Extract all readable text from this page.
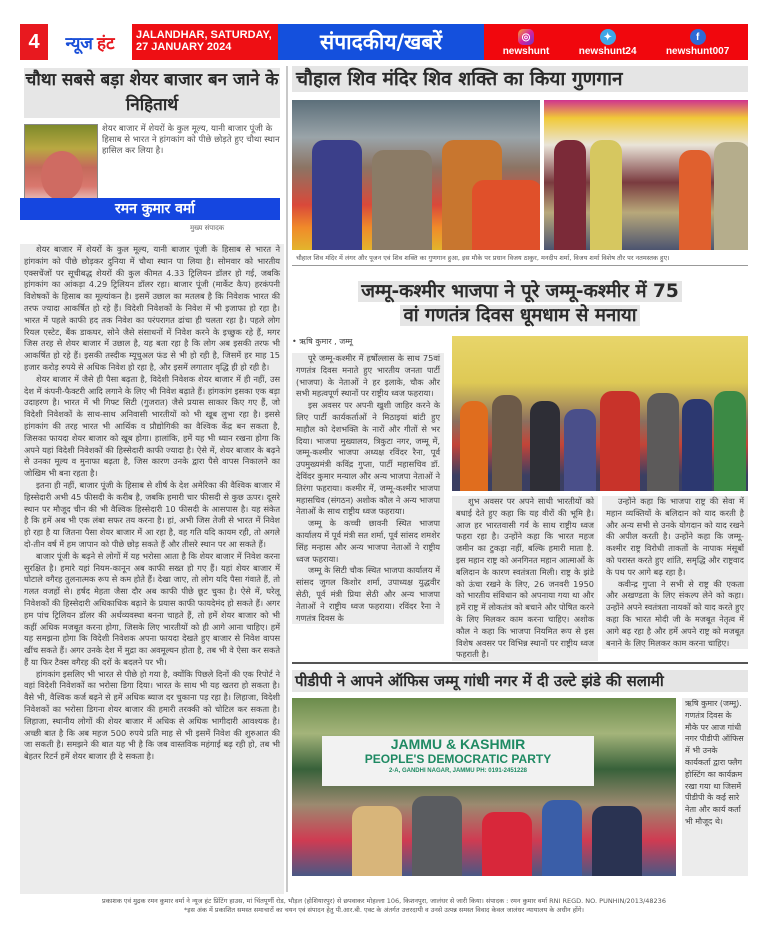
4	न्यूज हंट JALANDHAR, SATURDAY,
27 JANUARY 2024	संपादकीय/खबरें	◎
newshunt
✦
newshunt24
f
newshunt007
चौथा सबसे बड़ा शेयर बाजार बन जाने के निहितार्थ
शेयर बाजार में शेयरों के कुल मूल्य, यानी बाजार पूंजी के हिसाब से भारत ने हांगकांग को पीछे छोड़ते हुए चौथा स्थान हासिल कर लिया है।
रमन कुमार वर्मा
मुख्य संपादक

शेयर बाजार में शेयरों के कुल मूल्य, यानी बाजार पूंजी के हिसाब से भारत ने हांगकांग को पीछे छोड़कर दुनिया में चौथा स्थान पा लिया है। सोमवार को भारतीय एक्सचेंजों पर सूचीबद्ध शेयरों की कुल कीमत 4.33 ट्रिलियन डॉलर हो गई, जबकि हांगकांग का आंकड़ा 4.29 ट्रिलियन डॉलर रहा। बाजार पूंजी (मार्केट कैप) हरकंपनी विशेषकों के हिसाब का मूल्यांकन है। इसमें उछाल का मतलब है कि निवेशक भारत की तरफ ज्यादा आकर्षित हो रहे हैं। विदेशी निवेशकों के निवेश में भी इजाफा हो रहा है। भारत में पहले काफी हद तक निवेश का परंपरागत ढांचा ही चलता रहा है। पहले लोग रियल एस्टेट, बैंक डाकघर, सोने जैसे संसाधनों में निवेश करने के इच्छुक रहे हैं, मगर जिस तरह से शेयर बाजार में उछाल है, यह बता रहा है कि लोग अब इसकी तरफ भी आकर्षित हो रहे हैं। इसकी तस्दीक म्यूचुअल फंड से भी हो रही है, जिसमें हर माह 15 हजार करोड़ रुपये से अधिक निवेश हो रहा है, और इसमें लगातार वृद्धि ही हो रही है।

शेयर बाजार में जैसे ही पैसा बढ़ता है, विदेशी निवेशक शेयर बाजार में ही नहीं, उस देश में कंपनी-फैक्टरी आदि लगाने के लिए भी निवेश बढ़ाते हैं। हांगकांग इसका एक बड़ा उदाहरण है। भारत में भी गिफ्ट सिटी (गुजरात) जैसे प्रयास साकार किए गए हैं, जो विदेशी निवेशकों के साथ-साथ अनिवासी भारतीयों को भी खूब लुभा रहा है। इससे हांगकांग की तरह भारत भी आर्थिक व प्रौद्योगिकी का वैश्विक केंद्र बन सकता है, जिसका फायदा शेयर बाजार को खूब होगा। हालांकि, हमें यह भी ध्यान रखना होगा कि अपने यहां विदेशी निवेशकों की हिस्सेदारी काफी ज्यादा है। ऐसे में, शेयर बाजार के बढ़ने से उनका मूल्य व मुनाफा बढ़ता है, जिस कारण उनके द्वारा पैसे वापस निकालने का जोखिम भी बना रहता है।

इतना ही नहीं, बाजार पूंजी के हिसाब से शीर्ष के देश अमेरिका की वैश्विक बाजार में हिस्सेदारी अभी 45 फीसदी के करीब है, जबकि हमारी चार फीसदी से कुछ ऊपर। दूसरे स्थान पर मौजूद चीन की भी वैश्विक हिस्सेदारी 10 फीसदी के आसपास है। यह संकेत है कि हमें अब भी एक लंबा सफर तय करना है। हां, अभी जिस तेजी से भारत में निवेश हो रहा है या जितना पैसा शेयर बाजार में आ रहा है, वह गति यदि कायम रही, तो अगले दो-तीन वर्ष में हम जापान को पीछे छोड़ सकते हैं और तीसरे स्थान पर आ सकते हैं।

बाजार पूंजी के बढ़ने से लोगों में यह भरोसा आता है कि शेयर बाजार में निवेश करना सुरक्षित है। हमारे यहां नियम-कानून अब काफी सख्त हो गए हैं। यहां शेयर बाजार में घोटाले वगैरह तुलनात्मक रूप से कम होते हैं। देखा जाए, तो लोग यदि पैसा गंवाते हैं, तो गलत वजहों से। हर्षद मेहता जैसा दौर अब काफी पीछे छूट चुका है। ऐसे में, घरेलू निवेशकों की हिस्सेदारी अधिकाधिक बढ़ाने के प्रयास काफी फायदेमंद हो सकते हैं। अगर हम पांच ट्रिलियन डॉलर की अर्थव्यवस्था बनना चाहते हैं, तो हमें शेयर बाजार को भी कहीं अधिक मजबूत करना होगा, जिसके लिए भारतीयों को ही आगे आना चाहिए। हमें यह समझना होगा कि विदेशी निवेशक अपना फायदा देखते हुए बाजार से निवेश वापस खींच सकते हैं। अगर उनके देश में मुद्रा का अवमूल्यन होता है, तब भी वे ऐसा कर सकते हैं या फिर टैक्स वगैरह की दरों के बदलने पर भी।

हांगकांग इसलिए भी भारत से पीछे हो गया है, क्योंकि पिछले दिनों की एक रिपोर्ट ने वहां विदेशी निवेशकों का भरोसा डिगा दिया। भारत के साथ भी यह खतरा हो सकता है। वैसे भी, वैश्विक कर्ज बढ़ने से हमें अधिक ब्याज दर चुकाना पड़ रहा है। लिहाजा, विदेशी निवेशकों का भरोसा डिगना शेयर बाजार की हमारी तरक्की को चोटिल कर सकता है। लिहाजा, स्थानीय लोगों की शेयर बाजार में अधिक से अधिक भागीदारी आवश्यक है। अच्छी बात है कि अब महज 500 रुपये प्रति माह से भी इसमें निवेश की शुरुआत की जा सकती है। समझने की बात यह भी है कि जब वास्तविक महंगाई बढ़ रही हो, तब भी बेहतर रिटर्न हमें शेयर बाजार ही दे सकता है।

चौहाल शिव मंदिर शिव शक्ति का किया गुणगान
चौहाल शिव मंदिर में लंगर और पूजन एवं शिव शक्ति का गुणगान हुआ, इस मौके पर प्रधान विजय ठाकुर, मनदीप शर्मा, विजय शर्मा विशेष तौर पर नतमस्तक हुए।
जम्मू-कश्मीर भाजपा ने पूरे जम्मू-कश्मीर में 75
वां गणतंत्र दिवस धूमधाम से मनाया
• ऋषि कुमार , जम्मू

पूरे जम्मू-कश्मीर में हर्षोल्लास के साथ 75वां गणतंत्र दिवस मनाते हुए भारतीय जनता पार्टी (भाजपा) के नेताओं ने हर इलाके, चौक और सभी महत्वपूर्ण स्थानों पर राष्ट्रीय ध्वज फहराया।

इस अवसर पर अपनी खुशी जाहिर करने के लिए पार्टी कार्यकर्ताओं ने मिठाइयां बांटी हुए माहौल को देशभक्ति के नारों और गीतों से भर दिया। भाजपा मुख्यालय, त्रिकुटा नगर, जम्मू में, जम्मू-कश्मीर भाजपा अध्यक्ष रविंदर रैना, पूर्व उपमुख्यमंत्री कविंद्र गुप्ता, पार्टी महासचिव डॉ. देविंदर कुमार मन्याल और अन्य भाजपा नेताओं ने तिरंगा फहराया। कश्मीर में, जम्मू-कश्मीर भाजपा महासचिव (संगठन) अशोक कौल ने अन्य भाजपा नेताओं के साथ राष्ट्रीय ध्वज फहराया।

जम्मू के कच्ची छावनी स्थित भाजपा कार्यालय में पूर्व मंत्री सत शर्मा, पूर्व सांसद शमशेर सिंह मन्हास और अन्य भाजपा नेताओं ने राष्ट्रीय ध्वज फहराया।

जम्मू के सिटी चौक स्थित भाजपा कार्यालय में सांसद जुगल किशोर शर्मा, उपाध्यक्ष युद्धवीर सेठी, पूर्व मंत्री प्रिया सेठी और अन्य भाजपा नेताओं ने राष्ट्रीय ध्वज फहराया। रविंदर रैना ने गणतंत्र दिवस के

शुभ अवसर पर अपने साथी भारतीयों को बधाई देते हुए कहा कि यह वीरों की भूमि है। आज हर भारतवासी गर्व के साथ राष्ट्रीय ध्वज फहरा रहा है। उन्होंने कहा कि भारत महज जमीन का टुकड़ा नहीं, बल्कि हमारी माता है. इस महान राष्ट्र को अनगिनत महान आत्माओं के बलिदान के कारण स्वतंत्रता मिली। राष्ट्र के झंडे को ऊंचा रखने के लिए, 26 जनवरी 1950 को भारतीय संविधान को अपनाया गया था और हमें राष्ट्र में लोकतंत्र को बचाने और पोषित करने के लिए मिलकर काम करना चाहिए। अशोक कौल ने कहा कि भाजपा नियमित रूप से इस विशेष अवसर पर विभिन्न स्थानों पर राष्ट्रीय ध्वज फहराती है।

उन्होंने कहा कि भाजपा राष्ट्र की सेवा में महान व्यक्तियों के बलिदान को याद करती है और अन्य सभी से उनके योगदान को याद रखने की अपील करती है। उन्होंने कहा कि जम्मू-कश्मीर राष्ट्र विरोधी ताकतों के नापाक मंसूबों को परास्त करते हुए शांति, समृद्धि और राष्ट्रवाद के पथ पर आगे बढ़ रहा है।

कवीन्द्र गुप्ता ने सभी से राष्ट्र की एकता और अखण्डता के लिए संकल्प लेने को कहा। उन्होंने अपने स्वतंत्रता नायकों को याद करते हुए कहा कि भारत मोदी जी के मजबूत नेतृत्व में आगे बढ़ रहा है और हमें अपने राष्ट्र को मजबूत बनाने के लिए मिलकर काम करना चाहिए।

पीडीपी ने आपने ऑफिस जम्मू गांधी नगर में दी उल्टे झंडे की सलामी
JAMMU & KASHMIR
PEOPLE'S DEMOCRATIC PARTY
2-A, GANDHI NAGAR, JAMMU PH: 0191-2451228
ऋषि कुमार (जम्मू). गणतंत्र दिवस के मौके पर आज गांधी नगर पीडीपी ऑफिस में भी उनके कार्यकर्ता द्वारा फ्लैग होस्टिंग का कार्यक्रम रखा गया था जिसमें पीडीपी के कई सारे नेता और कार्य कर्ता भी मौजूद थे।
प्रकाशक एवं मुद्रक रमन कुमार वर्मा ने न्यूज हंट प्रिंटिंग हाउस, मां चिंतपूर्णी रोड, भौड़ल (होशियारपुर) से छपवाकर मोहल्ला 106, किशनपुरा, जालंधर से जारी किया। संपादक : रमन कुमार वर्मा RNI REGD. NO. PUNHIN/2013/48236
*इस अंक में प्रकाशित समस्त समाचारों का चयन एवं संपादन हेतु पी.आर.बी. एक्ट के अंतर्गत उत्तरदायी व उनसे उत्पन्न समस्त विवाद केवल जालंधर न्यायालय के अधीन होंगे।
